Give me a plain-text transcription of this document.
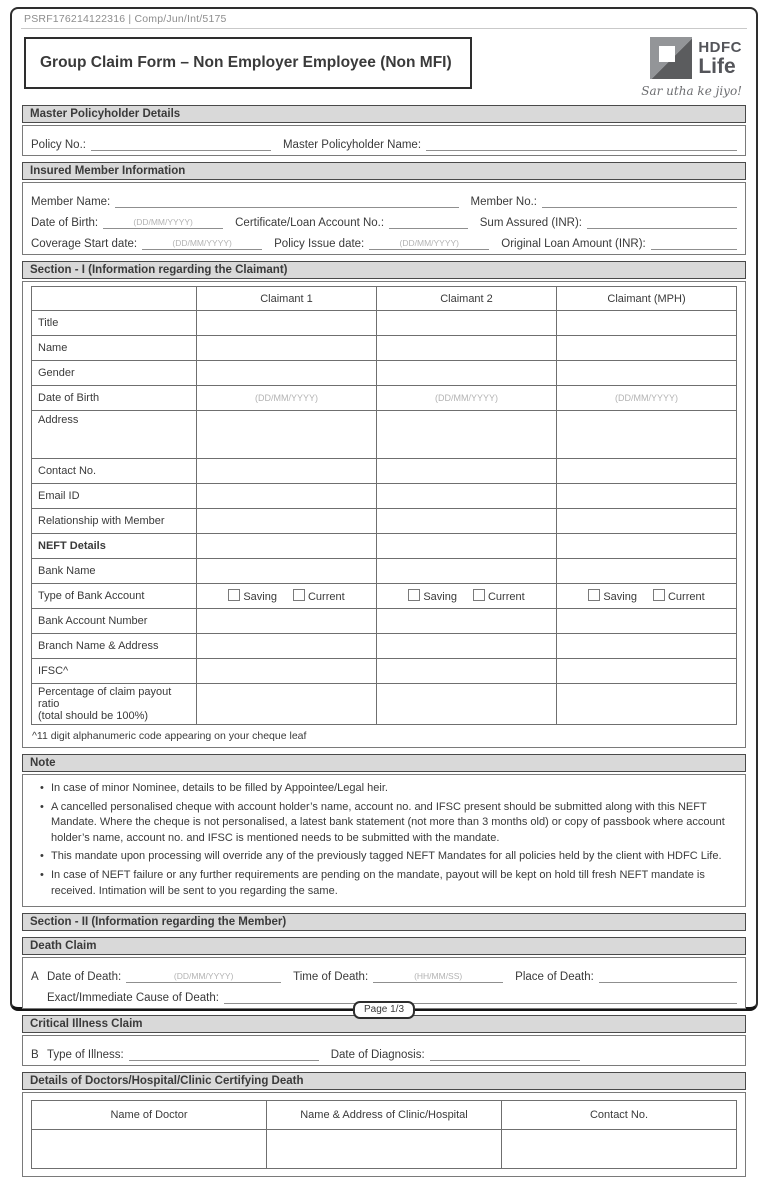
PSRF176214122316 | Comp/Jun/Int/5175
Group Claim Form – Non Employer Employee (Non MFI)
HDFC
Life
Sar utha ke jiyo!
Master Policyholder Details
Policy No.:	Master Policyholder Name:
Insured Member Information
Member Name:	Member No.:
Date of Birth:	(DD/MM/YYYY)	Certificate/Loan Account No.:	Sum Assured (INR):
Coverage Start date:	(DD/MM/YYYY)	Policy Issue date:	(DD/MM/YYYY)	Original Loan Amount (INR):
Section - I (Information regarding the Claimant)
	Claimant 1	Claimant 2	Claimant (MPH)
Title			
Name			
Gender			
Date of Birth	(DD/MM/YYYY)	(DD/MM/YYYY)	(DD/MM/YYYY)
Address			
Contact No.			
Email ID			
Relationship with Member			
NEFT Details			
Bank Name			
Type of Bank Account	Saving Current	Saving Current	Saving Current
Bank Account Number			
Branch Name & Address			
IFSC^			
Percentage of claim payout ratio
(total should be 100%)			
^11 digit alphanumeric code appearing on your cheque leaf
Note
• In case of minor Nominee, details to be filled by Appointee/Legal heir.
• A cancelled personalised cheque with account holder’s name, account no. and IFSC present should be submitted along with this NEFT Mandate. Where the cheque is not personalised, a latest bank statement (not more than 3 months old) or copy of passbook where account holder’s name, account no. and IFSC is mentioned needs to be submitted with the mandate.
• This mandate upon processing will override any of the previously tagged NEFT Mandates for all policies held by the client with HDFC Life.
• In case of NEFT failure or any further requirements are pending on the mandate, payout will be kept on hold till fresh NEFT mandate is received. Intimation will be sent to you regarding the same.
Section - II (Information regarding the Member)
Death Claim
A Date of Death:	(DD/MM/YYYY)	Time of Death:	(HH/MM/SS)	Place of Death:
Exact/Immediate Cause of Death:
Critical Illness Claim
B Type of Illness:	Date of Diagnosis:
Details of Doctors/Hospital/Clinic Certifying Death
Name of Doctor	Name & Address of Clinic/Hospital	Contact No.

Page 1/3
